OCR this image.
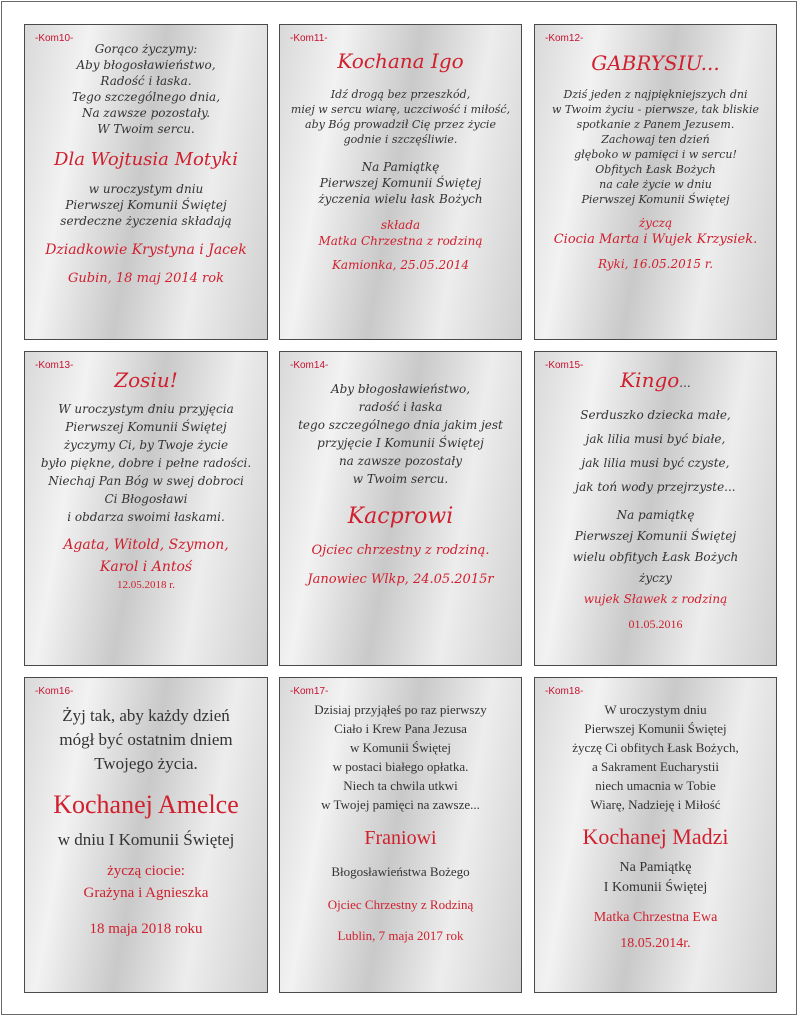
-Kom10-
Gorąco życzymy:
Aby błogosławieństwo,
Radość i łaska.
Tego szczególnego dnia,
Na zawsze pozostały.
W Twoim sercu.
Dla Wojtusia Motyki
w uroczystym dniu
Pierwszej Komunii Świętej
serdeczne życzenia składają
Dziadkowie Krystyna i Jacek
Gubin, 18 maj 2014 rok
-Kom11-
Kochana Igo
Idź drogą bez przeszkód,
miej w sercu wiarę, uczciwość i miłość,
aby Bóg prowadził Cię przez życie
godnie i szczęśliwie.
Na Pamiątkę
Pierwszej Komunii Świętej
życzenia wielu łask Bożych
składa
Matka Chrzestna z rodziną
Kamionka, 25.05.2014
-Kom12-
GABRYSIU...
Dziś jeden z najpiękniejszych dni
w Twoim życiu - pierwsze, tak bliskie
spotkanie z Panem Jezusem.
Zachowaj ten dzień
głęboko w pamięci i w sercu!
Obfitych Łask Bożych
na całe życie w dniu
Pierwszej Komunii Świętej
życzą
Ciocia Marta i Wujek Krzysiek.
Ryki, 16.05.2015 r.
-Kom13-
Zosiu!
W uroczystym dniu przyjęcia
Pierwszej Komunii Świętej
życzymy Ci, by Twoje życie
było piękne, dobre i pełne radości.
Niechaj Pan Bóg w swej dobroci
Ci Błogosławi
i obdarza swoimi łaskami.
Agata, Witold, Szymon,
Karol i Antoś
12.05.2018 r.
-Kom14-
Aby błogosławieństwo,
radość i łaska
tego szczególnego dnia jakim jest
przyjęcie I Komunii Świętej
na zawsze pozostały
w Twoim sercu.
Kacprowi
Ojciec chrzestny z rodziną.
Janowiec Wlkp, 24.05.2015r
-Kom15-
Kingo...
Serduszko dziecka małe,
jak lilia musi być białe,
jak lilia musi być czyste,
jak toń wody przejrzyste...
Na pamiątkę
Pierwszej Komunii Świętej
wielu obfitych Łask Bożych
życzy
wujek Sławek z rodziną
01.05.2016
-Kom16-
Żyj tak, aby każdy dzień
mógł być ostatnim dniem
Twojego życia.
Kochanej Amelce
w dniu I Komunii Świętej
życzą ciocie:
Grażyna i Agnieszka
18 maja 2018 roku
-Kom17-
Dzisiaj przyjąłeś po raz pierwszy
Ciało i Krew Pana Jezusa
w Komunii Świętej
w postaci białego opłatka.
Niech ta chwila utkwi
w Twojej pamięci na zawsze...
Franiowi
Błogosławieństwa Bożego
Ojciec Chrzestny z Rodziną
Lublin, 7 maja 2017 rok
-Kom18-
W uroczystym dniu
Pierwszej Komunii Świętej
życzę Ci obfitych Łask Bożych,
a Sakrament Eucharystii
niech umacnia w Tobie
Wiarę, Nadzieję i Miłość
Kochanej Madzi
Na Pamiątkę
I Komunii Świętej
Matka Chrzestna Ewa
18.05.2014r.
